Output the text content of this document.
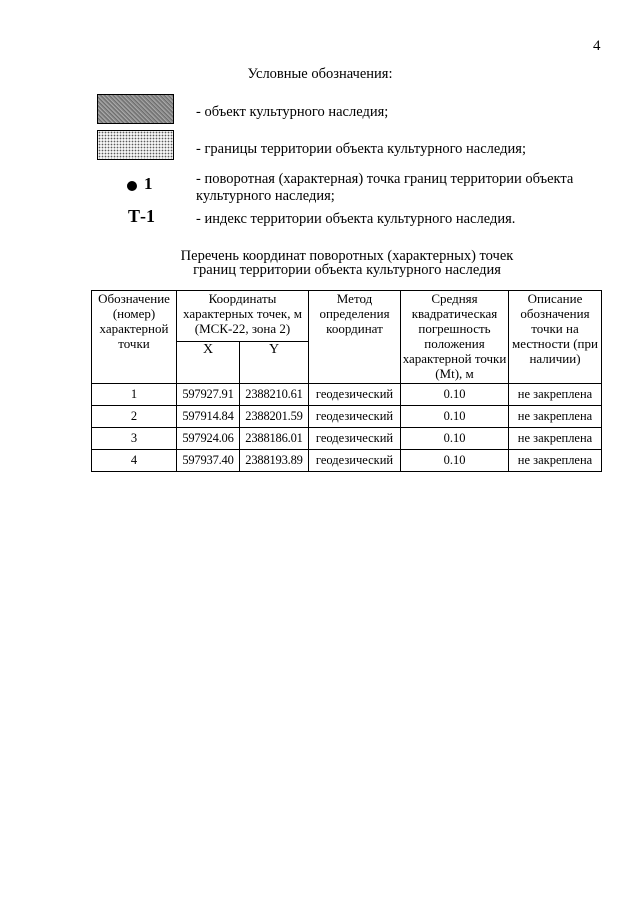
4
Условные обозначения:
- объект культурного наследия;
- границы территории объекта культурного наследия;
1	- поворотная (характерная) точка границ территории объекта культурного наследия;
Т-1	- индекс территории объекта культурного наследия.
Перечень координат поворотных (характерных) точек
границ территории объекта культурного наследия
Обозначение (номер) характерной точки	Координаты характерных точек, м (МСК-22, зона 2)		Метод определения координат	Средняя квадратическая погрешность положения характерной точки (Mt), м	Описание обозначения точки на местности (при наличии)
	X	Y			
1	597927.91	2388210.61	геодезический	0.10	не закреплена
2	597914.84	2388201.59	геодезический	0.10	не закреплена
3	597924.06	2388186.01	геодезический	0.10	не закреплена
4	597937.40	2388193.89	геодезический	0.10	не закреплена
